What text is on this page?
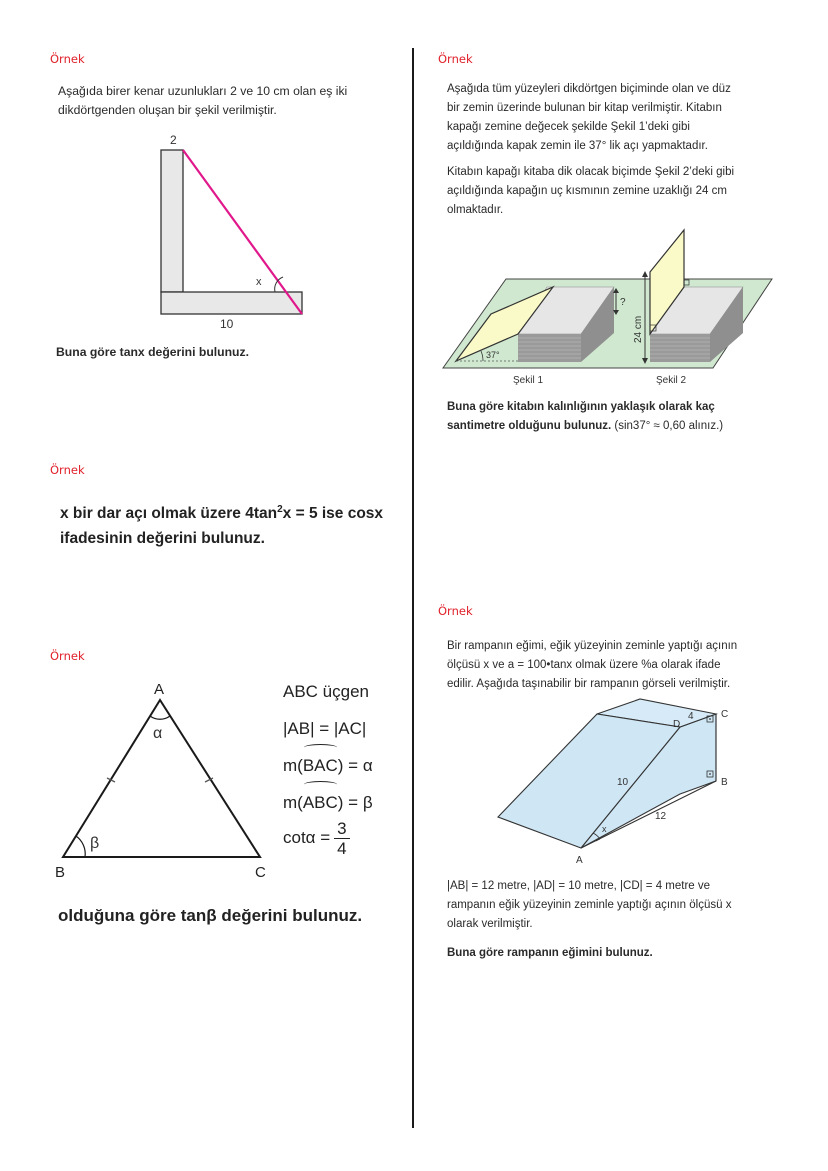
Örnek
Aşağıda birer kenar uzunlukları 2 ve 10 cm olan eş iki
dikdörtgenden oluşan bir şekil verilmiştir.
2
x
10
Buna göre tanx değerini bulunuz.
Örnek
x bir dar açı olmak üzere $4\tan^2x = 5$ ise cosx
ifadesinin değerini bulunuz.
Örnek
A
B	C
α
β
ABC üçgen
|AB| = |AC|
m(BAC) = α
m(ABC) = β
$\cot\alpha = \frac{3}{4}$
olduğuna göre tanβ değerini bulunuz.
Örnek
Aşağıda tüm yüzeyleri dikdörtgen biçiminde olan ve düz
bir zemin üzerinde bulunan bir kitap verilmiştir. Kitabın
kapağı zemine değecek şekilde Şekil 1’deki gibi
açıldığında kapak zemin ile 37° lik açı yapmaktadır.
Kitabın kapağı kitaba dik olacak biçimde Şekil 2’deki gibi
açıldığında kapağın uç kısmının zemine uzaklığı 24 cm
olmaktadır.
37°
?
24 cm
Şekil 1	Şekil 2
Buna göre kitabın kalınlığının yaklaşık olarak kaç
santimetre olduğunu bulunuz. (sin37° ≈ 0,60 alınız.)
Örnek
Bir rampanın eğimi, eğik yüzeyinin zeminle yaptığı açının
ölçüsü x ve a = 100•tanx olmak üzere %a olarak ifade
edilir. Aşağıda taşınabilir bir rampanın görseli verilmiştir.
A
B
C
D
4
10
12
x
|AB| = 12 metre, |AD| = 10 metre, |CD| = 4 metre ve
rampanın eğik yüzeyinin zeminle yaptığı açının ölçüsü x
olarak verilmiştir.
Buna göre rampanın eğimini bulunuz.
